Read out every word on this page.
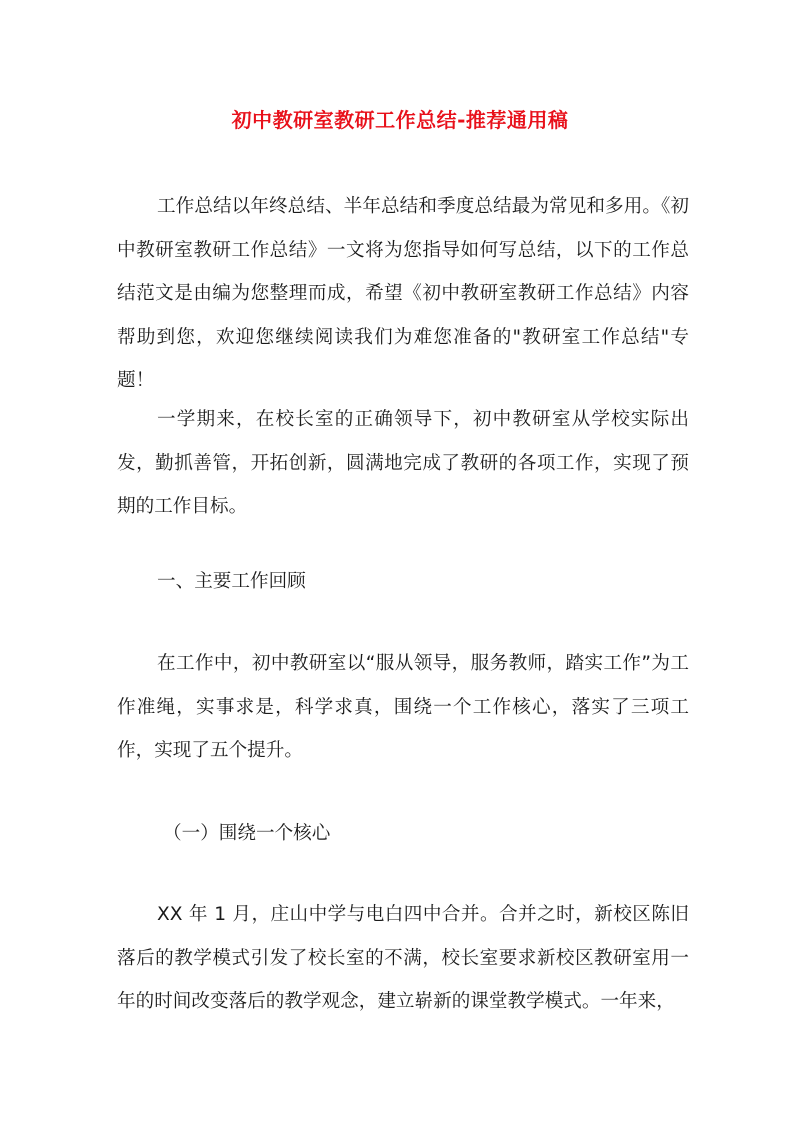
初中教研室教研工作总结-推荐通用稿

工作总结以年终总结、半年总结和季度总结最为常见和多用。《初中教研室教研工作总结》一文将为您指导如何写总结，以下的工作总结范文是由编为您整理而成，希望《初中教研室教研工作总结》内容帮助到您，欢迎您继续阅读我们为难您准备的"教研室工作总结"专题！

一学期来，在校长室的正确领导下，初中教研室从学校实际出发，勤抓善管，开拓创新，圆满地完成了教研的各项工作，实现了预期的工作目标。

一、主要工作回顾

在工作中，初中教研室以“服从领导，服务教师，踏实工作”为工作准绳，实事求是，科学求真，围绕一个工作核心，落实了三项工作，实现了五个提升。

（一）围绕一个核心

XX 年 1 月，庄山中学与电白四中合并。合并之时，新校区陈旧落后的教学模式引发了校长室的不满，校长室要求新校区教研室用一年的时间改变落后的教学观念，建立崭新的课堂教学模式。一年来，
